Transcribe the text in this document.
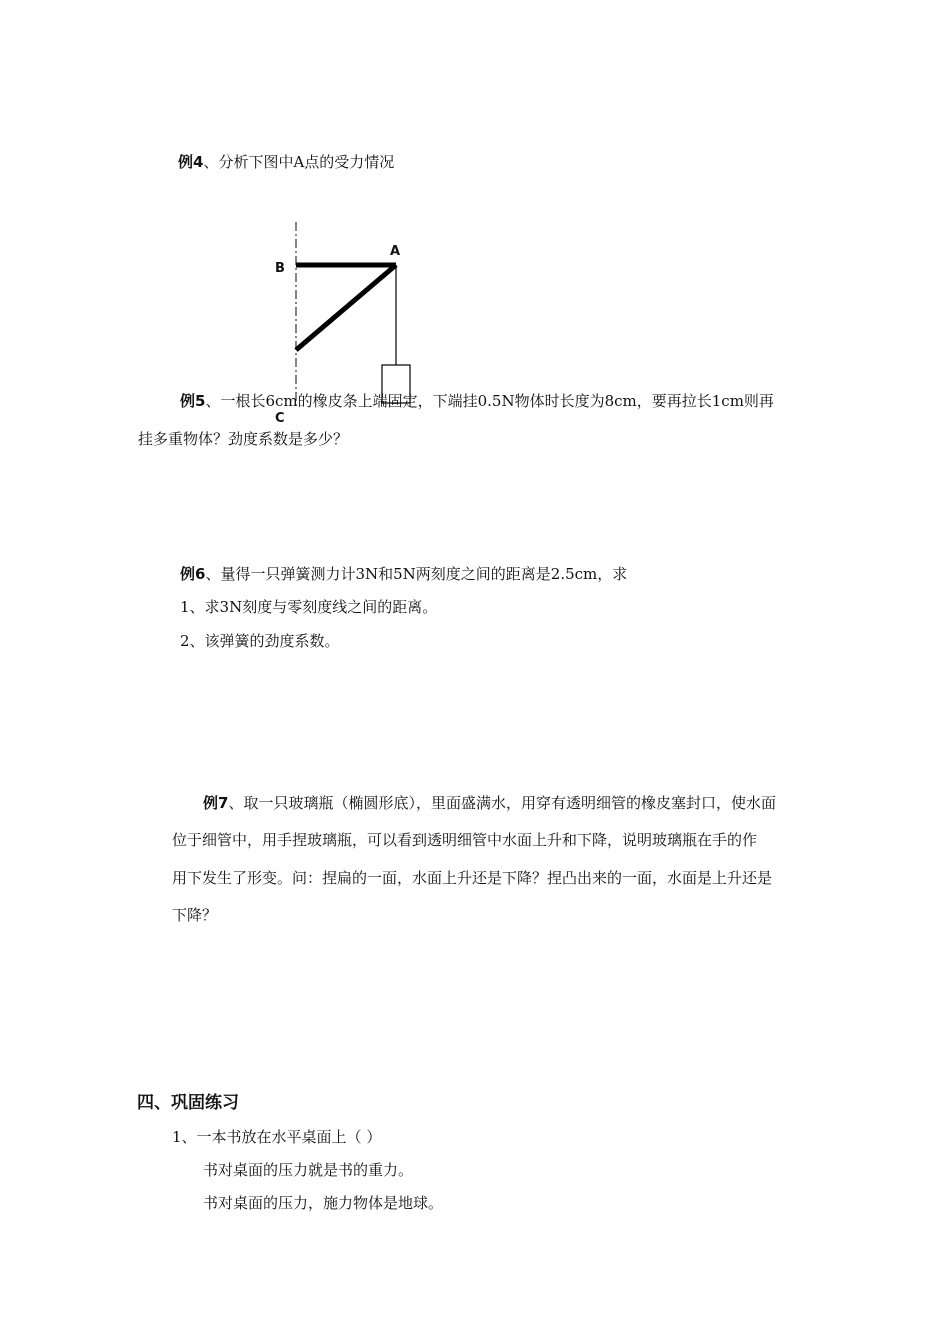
例4、分析下图中A点的受力情况
A
B
C
例5、一根长6cm的橡皮条上端固定，下端挂0.5N物体时长度为8cm，要再拉长1cm则再
挂多重物体？劲度系数是多少？
例6、量得一只弹簧测力计3N和5N两刻度之间的距离是2.5cm，求
1、求3N刻度与零刻度线之间的距离。
2、该弹簧的劲度系数。
例7、取一只玻璃瓶（椭圆形底），里面盛满水，用穿有透明细管的橡皮塞封口，使水面
位于细管中，用手捏玻璃瓶，可以看到透明细管中水面上升和下降，说明玻璃瓶在手的作
用下发生了形变。问：捏扁的一面，水面上升还是下降？捏凸出来的一面，水面是上升还是
下降？
四、巩固练习
1、一本书放在水平桌面上（ ）
书对桌面的压力就是书的重力。
书对桌面的压力，施力物体是地球。
